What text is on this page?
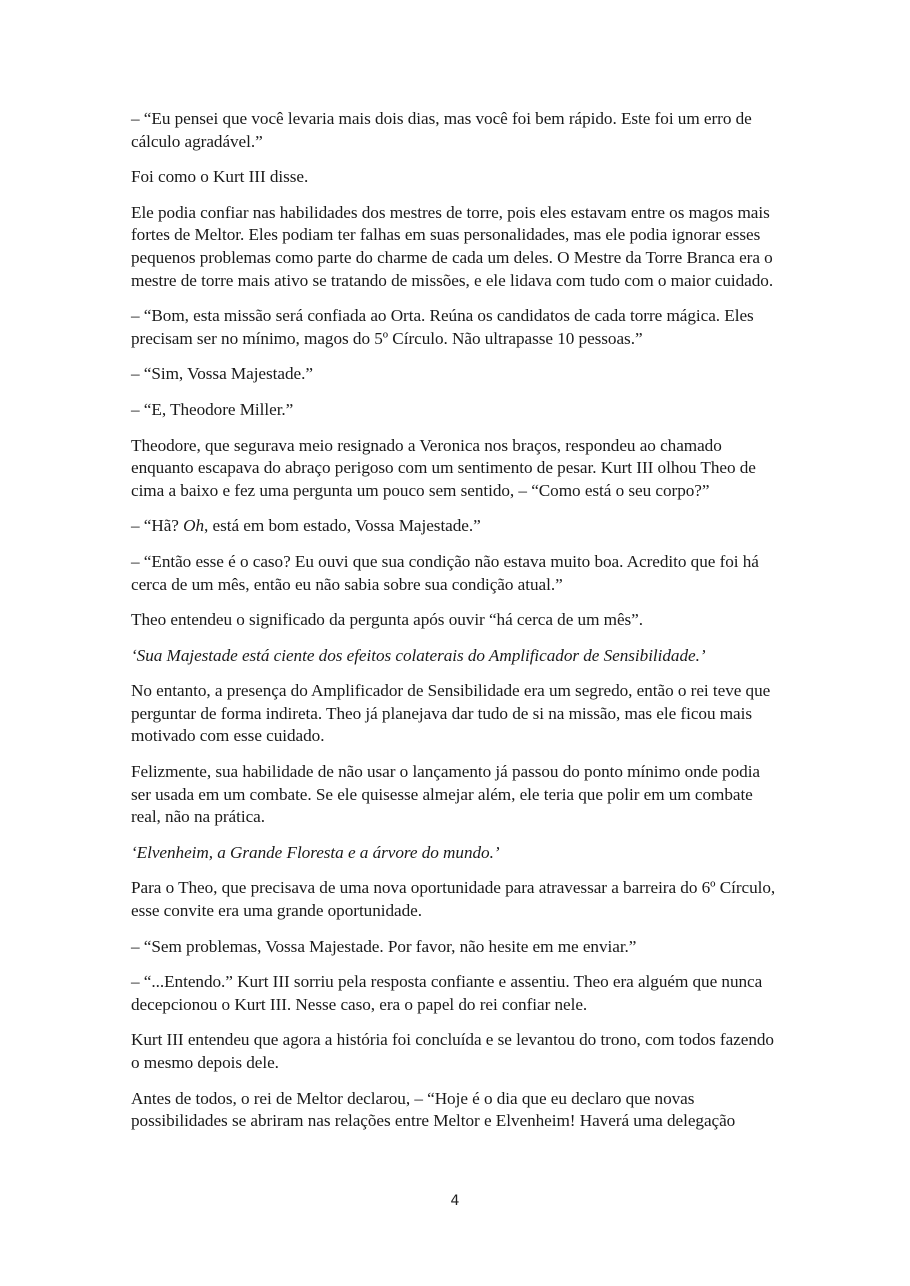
– “Eu pensei que você levaria mais dois dias, mas você foi bem rápido. Este foi um erro de cálculo agradável.”

Foi como o Kurt III disse.

Ele podia confiar nas habilidades dos mestres de torre, pois eles estavam entre os magos mais fortes de Meltor. Eles podiam ter falhas em suas personalidades, mas ele podia ignorar esses pequenos problemas como parte do charme de cada um deles. O Mestre da Torre Branca era o mestre de torre mais ativo se tratando de missões, e ele lidava com tudo com o maior cuidado.

– “Bom, esta missão será confiada ao Orta. Reúna os candidatos de cada torre mágica. Eles precisam ser no mínimo, magos do 5º Círculo. Não ultrapasse 10 pessoas.”

– “Sim, Vossa Majestade.”

– “E, Theodore Miller.”

Theodore, que segurava meio resignado a Veronica nos braços, respondeu ao chamado enquanto escapava do abraço perigoso com um sentimento de pesar. Kurt III olhou Theo de cima a baixo e fez uma pergunta um pouco sem sentido, – “Como está o seu corpo?”

– “Hã? Oh, está em bom estado, Vossa Majestade.”

– “Então esse é o caso? Eu ouvi que sua condição não estava muito boa. Acredito que foi há cerca de um mês, então eu não sabia sobre sua condição atual.”

Theo entendeu o significado da pergunta após ouvir “há cerca de um mês”.

‘Sua Majestade está ciente dos efeitos colaterais do Amplificador de Sensibilidade.’

No entanto, a presença do Amplificador de Sensibilidade era um segredo, então o rei teve que perguntar de forma indireta. Theo já planejava dar tudo de si na missão, mas ele ficou mais motivado com esse cuidado.

Felizmente, sua habilidade de não usar o lançamento já passou do ponto mínimo onde podia ser usada em um combate. Se ele quisesse almejar além, ele teria que polir em um combate real, não na prática.

‘Elvenheim, a Grande Floresta e a árvore do mundo.’

Para o Theo, que precisava de uma nova oportunidade para atravessar a barreira do 6º Círculo, esse convite era uma grande oportunidade.

– “Sem problemas, Vossa Majestade. Por favor, não hesite em me enviar.”

– “...Entendo.” Kurt III sorriu pela resposta confiante e assentiu. Theo era alguém que nunca decepcionou o Kurt III. Nesse caso, era o papel do rei confiar nele.

Kurt III entendeu que agora a história foi concluída e se levantou do trono, com todos fazendo o mesmo depois dele.

Antes de todos, o rei de Meltor declarou, – “Hoje é o dia que eu declaro que novas possibilidades se abriram nas relações entre Meltor e Elvenheim! Haverá uma delegação

4
